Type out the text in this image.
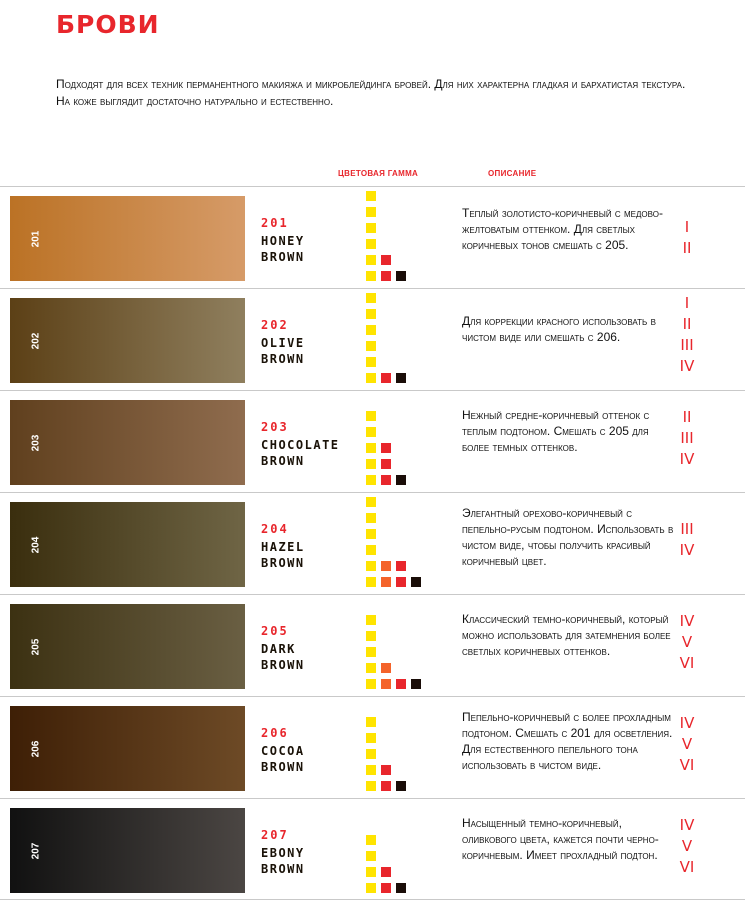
БРОВИ

Подходят для всех техник перманентного макияжа и микроблейдинга бровей. Для них характерна гладкая и бархатистая текстура. На коже выглядит достаточно натурально и естественно.

ЦВЕТОВАЯ ГАММА	ОПИСАНИЕ
201
201
HONEY
BROWN
Теплый золотисто-коричневый с медово-желтоватым оттенком. Для светлых коричневых тонов смешать с 205.
I
II
202
202
OLIVE
BROWN
Для коррекции красного использовать в чистом виде или смешать с 206.
I
II
III
IV
203
203
CHOCOLATE
BROWN
Нежный средне-коричневый оттенок с теплым подтоном. Смешать с 205 для более темных оттенков.
II
III
IV
204
204
HAZEL
BROWN
Элегантный орехово-коричневый с пепельно-русым подтоном. Использовать в чистом виде, чтобы получить красивый коричневый цвет.
III
IV
205
205
DARK
BROWN
Классический темно-коричневый, который можно использовать для затемнения более светлых коричневых оттенков.
IV
V
VI
206
206
COCOA
BROWN
Пепельно-коричневый с более прохладным подтоном. Смешать с 201 для осветления. Для естественного пепельного тона использовать в чистом виде.
IV
V
VI
207
207
EBONY
BROWN
Насыщенный темно-коричневый, оливкового цвета, кажется почти черно-коричневым. Имеет прохладный подтон.
IV
V
VI
